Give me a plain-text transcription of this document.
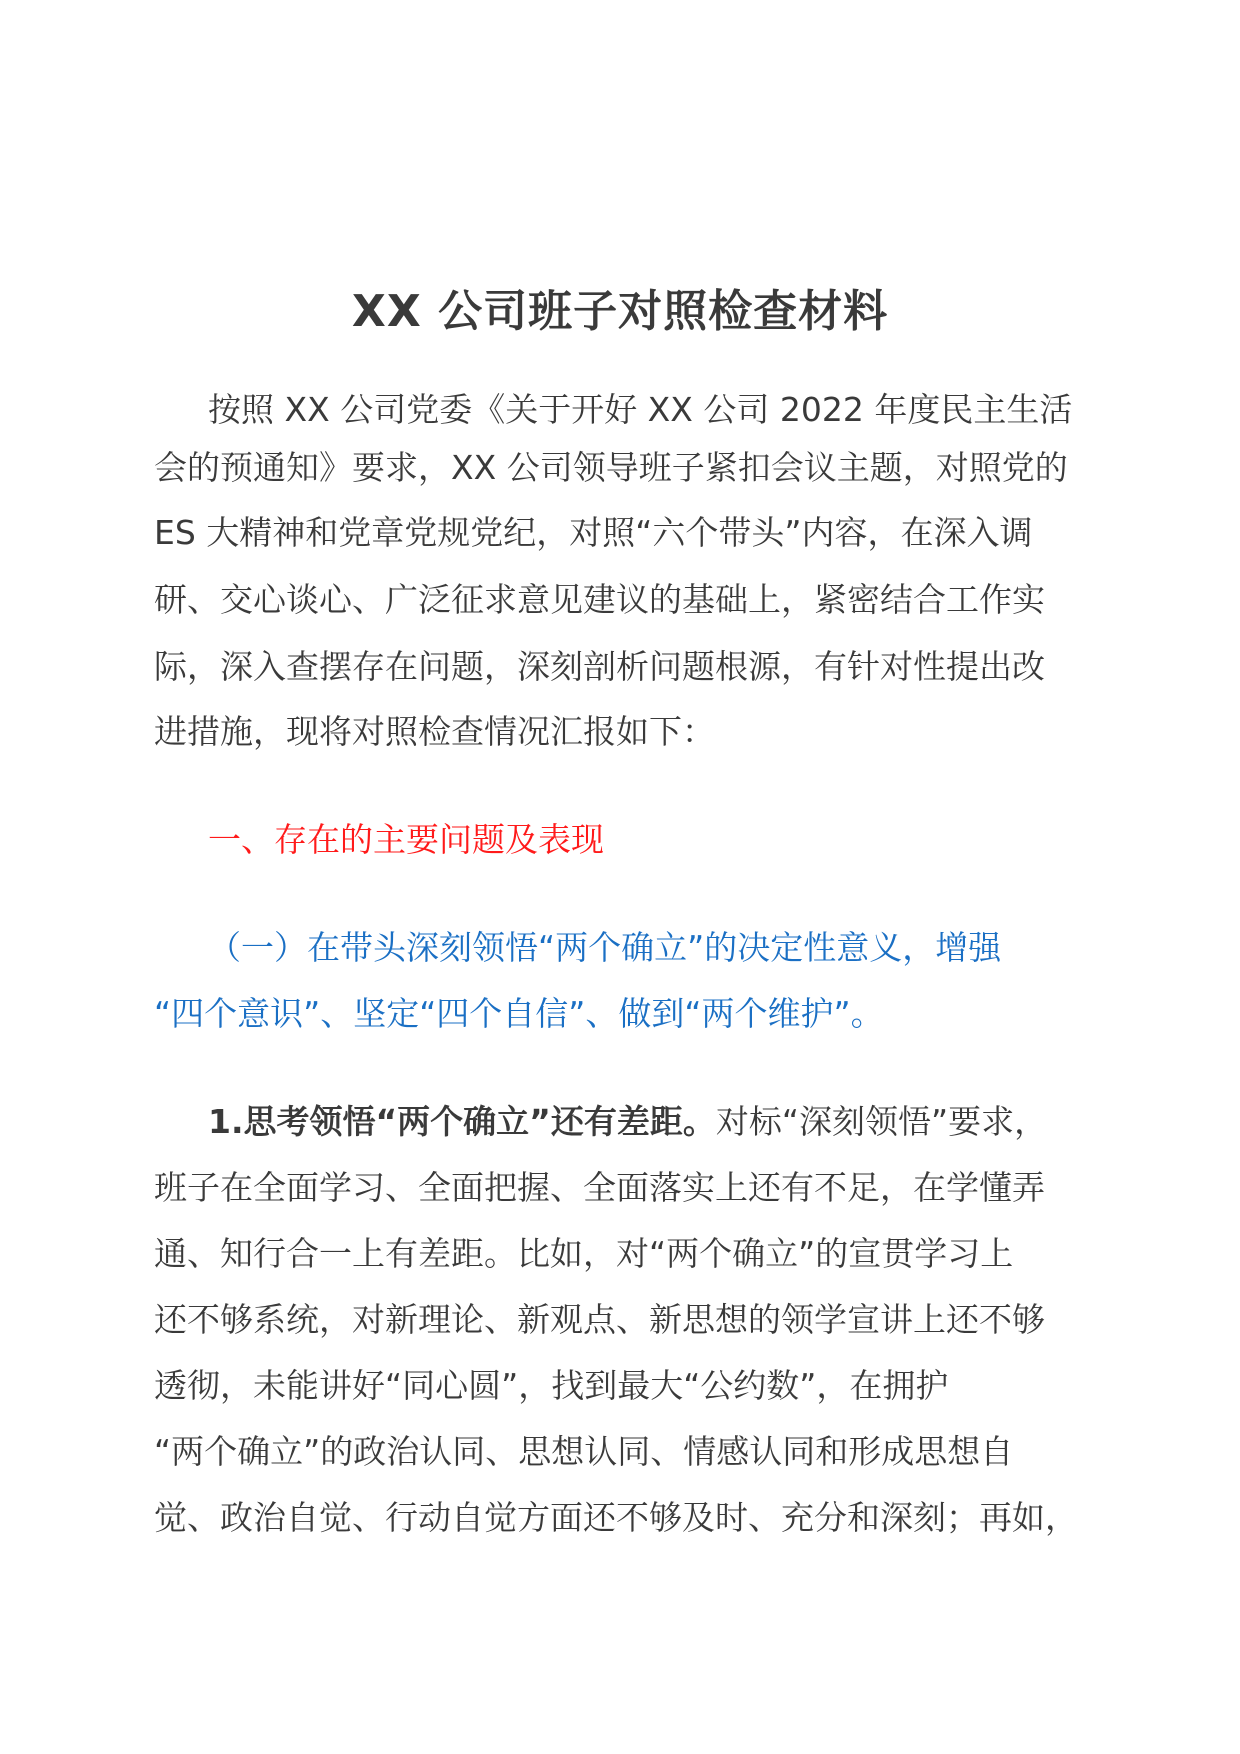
XX 公司班子对照检查材料
按照 XX 公司党委《关于开好 XX 公司 2022 年度民主生活
会的预通知》要求，XX 公司领导班子紧扣会议主题，对照党的
ES 大精神和党章党规党纪，对照“六个带头”内容，在深入调
研、交心谈心、广泛征求意见建议的基础上，紧密结合工作实
际，深入查摆存在问题，深刻剖析问题根源，有针对性提出改
进措施，现将对照检查情况汇报如下：
一、存在的主要问题及表现
（一）在带头深刻领悟“两个确立”的决定性意义，增强
“四个意识”、坚定“四个自信”、做到“两个维护”。
1.思考领悟“两个确立”还有差距。对标“深刻领悟”要求，
班子在全面学习、全面把握、全面落实上还有不足，在学懂弄
通、知行合一上有差距。比如，对“两个确立”的宣贯学习上
还不够系统，对新理论、新观点、新思想的领学宣讲上还不够
透彻，未能讲好“同心圆”，找到最大“公约数”，在拥护
“两个确立”的政治认同、思想认同、情感认同和形成思想自
觉、政治自觉、行动自觉方面还不够及时、充分和深刻；再如，
